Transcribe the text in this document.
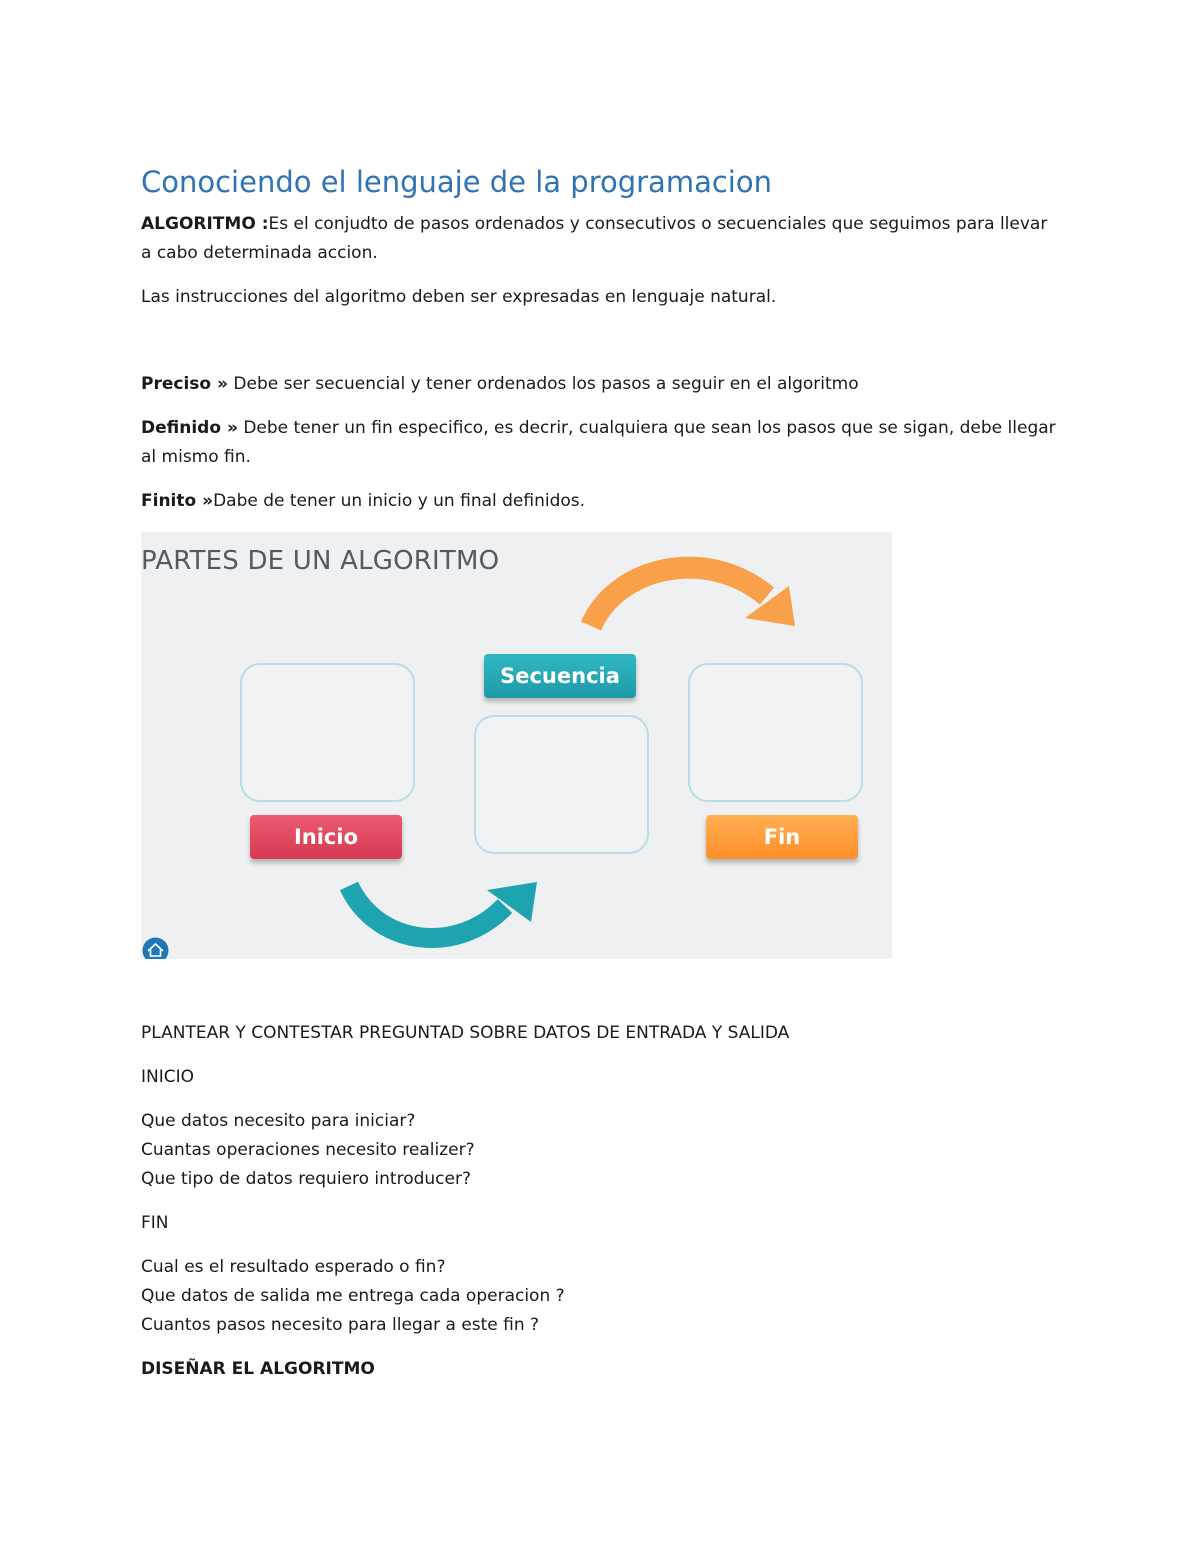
Conociendo el lenguaje de la programacion

ALGORITMO :Es el conjudto de pasos ordenados y consecutivos o secuenciales que seguimos para llevar a cabo determinada accion.

Las instrucciones del algoritmo deben ser expresadas en lenguaje natural.

Preciso » Debe ser secuencial y tener ordenados los pasos a seguir en el algoritmo

Definido » Debe tener un fin especifico, es decrir, cualquiera que sean los pasos que se sigan, debe llegar al mismo fin.

Finito »Dabe de tener un inicio y un final definidos.

PARTES DE UN ALGORITMO
Secuencia
Inicio	Fin

PLANTEAR Y CONTESTAR PREGUNTAD SOBRE DATOS DE ENTRADA Y SALIDA

INICIO

Que datos necesito para iniciar?

Cuantas operaciones necesito realizer?

Que tipo de datos requiero introducer?

FIN

Cual es el resultado esperado o fin?

Que datos de salida me entrega cada operacion ?

Cuantos pasos necesito para llegar a este fin ?

DISEÑAR EL ALGORITMO
